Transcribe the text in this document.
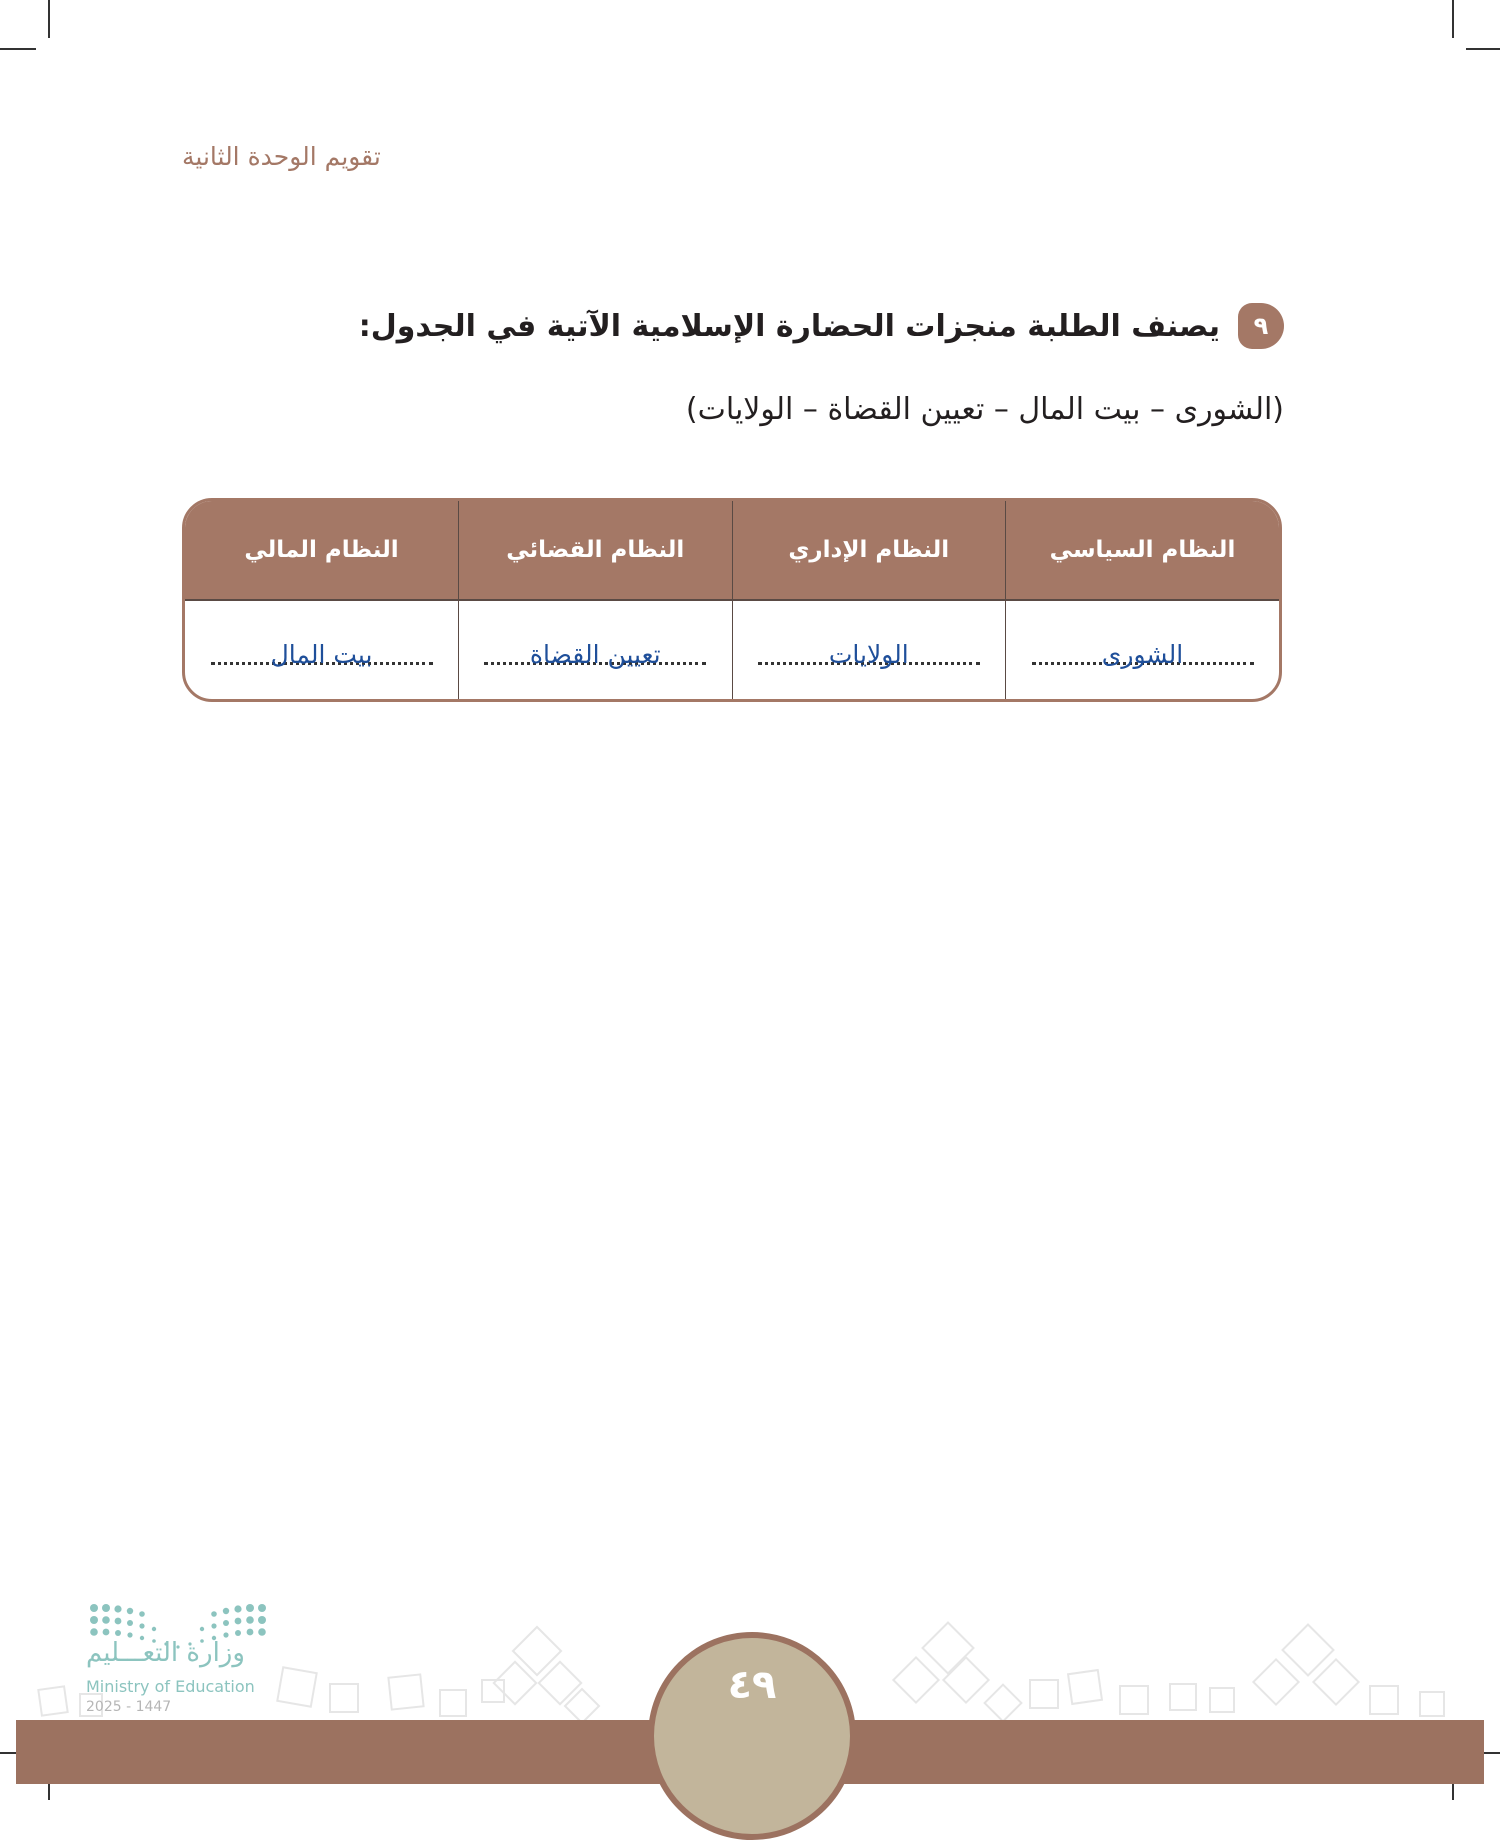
تقويم الوحدة الثانية
٩
يصنف الطلبة منجزات الحضارة الإسلامية الآتية في الجدول:
(الشورى – بيت المال – تعيين القضاة – الولايات)
النظام السياسي	النظام الإداري	النظام القضائي	النظام المالي

الشورى	الولايات	تعيين القضاة	بيت المال
٤٩
وزارة التعـــليم
Ministry of Education
2025 - 1447
